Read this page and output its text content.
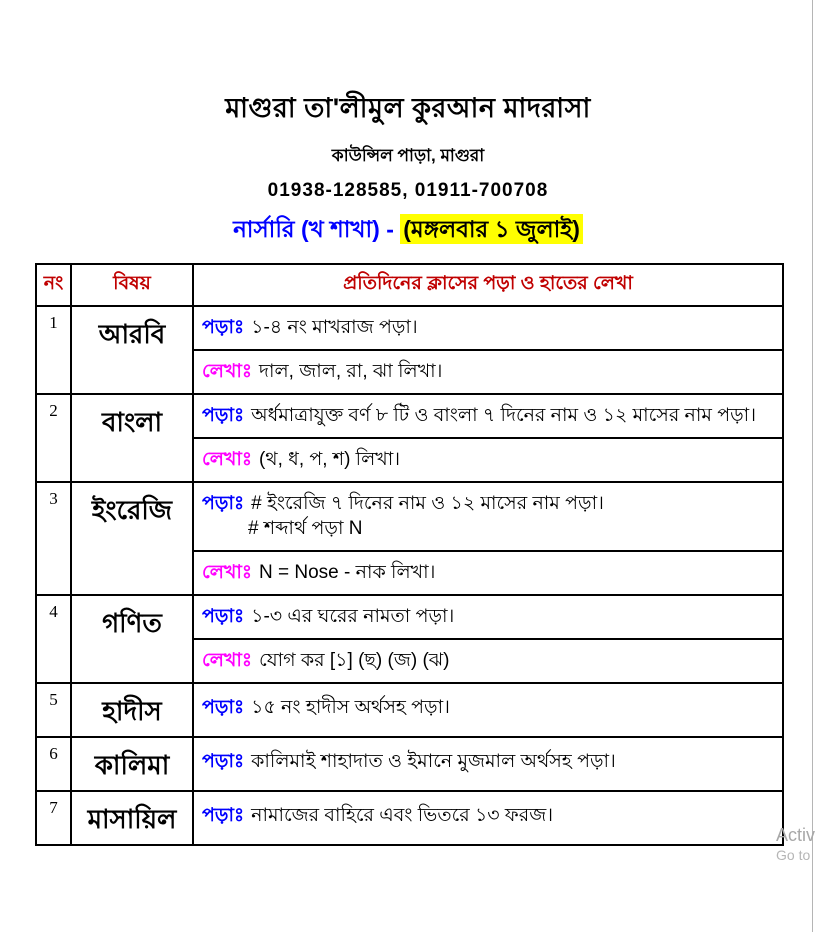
মাগুরা তা'লীমুল কুরআন মাদরাসা
কাউন্সিল পাড়া, মাগুরা
01938-128585, 01911-700708
নার্সারি (খ শাখা) - (মঙ্গলবার ১ জুলাই)
নং	বিষয়	প্রতিদিনের ক্লাসের পড়া ও হাতের লেখা
1	আরবি	পড়াঃ ১-৪ নং মাখরাজ পড়া।
লেখাঃ দাল, জাল, রা, ঝা লিখা।

2	বাংলা	পড়াঃ অর্ধমাত্রাযুক্ত বর্ণ ৮ টি ও বাংলা ৭ দিনের নাম ও ১২ মাসের নাম পড়া।
লেখাঃ (থ, ধ, প, শ) লিখা।

3	ইংরেজি	পড়াঃ # ইংরেজি ৭ দিনের নাম ও ১২ মাসের নাম পড়া।
# শব্দার্থ পড়া N
লেখাঃ N = Nose - নাক লিখা।

4	গণিত	পড়াঃ ১-৩ এর ঘরের নামতা পড়া।
লেখাঃ যোগ কর [১] (ছ) (জ) (ঝ)

5	হাদীস	পড়াঃ ১৫ নং হাদীস অর্থসহ পড়া।

6	কালিমা	পড়াঃ কালিমাই শাহাদাত ও ইমানে মুজমাল অর্থসহ পড়া।

7	মাসায়িল	পড়াঃ নামাজের বাহিরে এবং ভিতরে ১৩ ফরজ।
Activ
Go to
